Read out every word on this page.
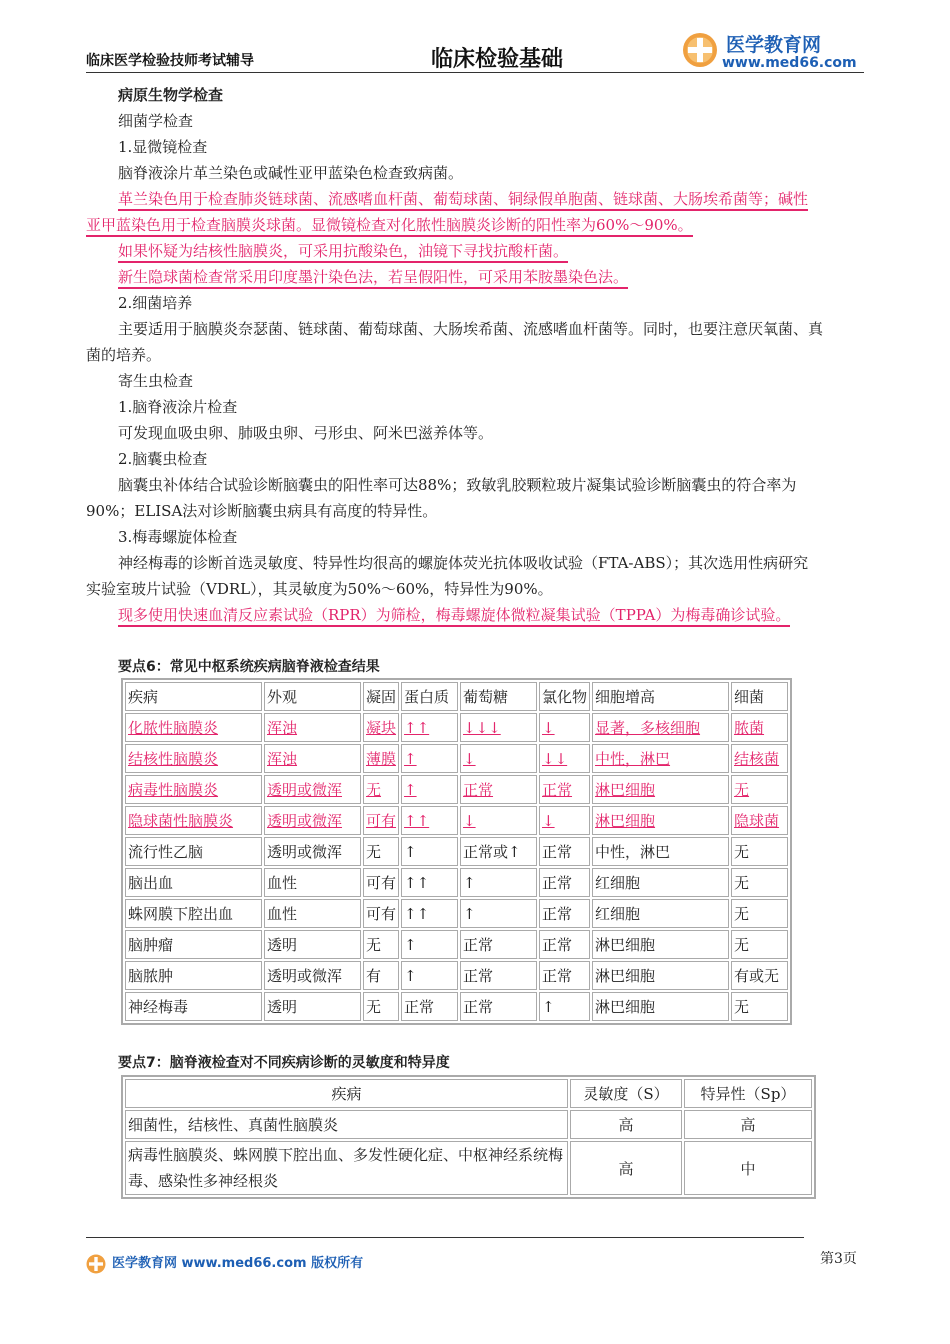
临床医学检验技师考试辅导	临床检验基础
医学教育网
www.med66.com
病原生物学检查
细菌学检查
1.显微镜检查
脑脊液涂片革兰染色或碱性亚甲蓝染色检查致病菌。
革兰染色用于检查肺炎链球菌、流感嗜血杆菌、葡萄球菌、铜绿假单胞菌、链球菌、大肠埃希菌等；碱性
亚甲蓝染色用于检查脑膜炎球菌。显微镜检查对化脓性脑膜炎诊断的阳性率为60%～90%。
如果怀疑为结核性脑膜炎，可采用抗酸染色，油镜下寻找抗酸杆菌。
新生隐球菌检查常采用印度墨汁染色法，若呈假阳性，可采用苯胺墨染色法。
2.细菌培养
主要适用于脑膜炎奈瑟菌、链球菌、葡萄球菌、大肠埃希菌、流感嗜血杆菌等。同时，也要注意厌氧菌、真
菌的培养。
寄生虫检查
1.脑脊液涂片检查
可发现血吸虫卵、肺吸虫卵、弓形虫、阿米巴滋养体等。
2.脑囊虫检查
脑囊虫补体结合试验诊断脑囊虫的阳性率可达88%；致敏乳胶颗粒玻片凝集试验诊断脑囊虫的符合率为
90%；ELISA法对诊断脑囊虫病具有高度的特异性。
3.梅毒螺旋体检查
神经梅毒的诊断首选灵敏度、特异性均很高的螺旋体荧光抗体吸收试验（FTA-ABS）；其次选用性病研究
实验室玻片试验（VDRL），其灵敏度为50%～60%，特异性为90%。
现多使用快速血清反应素试验（RPR）为筛检，梅毒螺旋体微粒凝集试验（TPPA）为梅毒确诊试验。
要点6：常见中枢系统疾病脑脊液检查结果
要点7：脑脊液检查对不同疾病诊断的灵敏度和特异度
疾病	外观	凝固	蛋白质	葡萄糖	氯化物	细胞增高	细菌
化脓性脑膜炎	浑浊	凝块	↑↑	↓↓↓	↓	显著，多核细胞	脓菌
结核性脑膜炎	浑浊	薄膜	↑	↓	↓↓	中性，淋巴	结核菌
病毒性脑膜炎	透明或微浑	无	↑	正常	正常	淋巴细胞	无
隐球菌性脑膜炎	透明或微浑	可有	↑↑	↓	↓	淋巴细胞	隐球菌
流行性乙脑	透明或微浑	无	↑	正常或↑	正常	中性，淋巴	无
脑出血	血性	可有	↑↑	↑	正常	红细胞	无
蛛网膜下腔出血	血性	可有	↑↑	↑	正常	红细胞	无
脑肿瘤	透明	无	↑	正常	正常	淋巴细胞	无
脑脓肿	透明或微浑	有	↑	正常	正常	淋巴细胞	有或无
神经梅毒	透明	无	正常	正常	↑	淋巴细胞	无
疾病	灵敏度（S）	特异性（Sp）
细菌性，结核性、真菌性脑膜炎	高	高
病毒性脑膜炎、蛛网膜下腔出血、多发性硬化症、中枢神经系统梅毒、感染性多神经根炎	高	中
医学教育网 www.med66.com 版权所有	第3页
